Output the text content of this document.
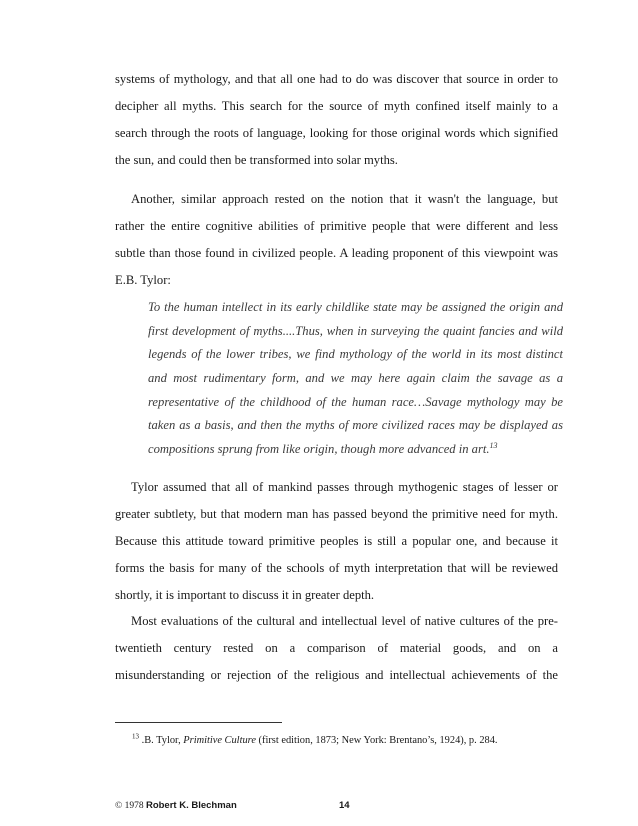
systems of mythology, and that all one had to do was discover that source in order to
decipher all myths. This search for the source of myth confined itself mainly to a
search through the roots of language, looking for those original words which signified
the sun, and could then be transformed into solar myths.
Another, similar approach rested on the notion that it wasn't the language, but
rather the entire cognitive abilities of primitive people that were different and less
subtle than those found in civilized people. A leading proponent of this viewpoint was
E.B. Tylor:
To the human intellect in its early childlike state may be assigned the origin and
first development of myths....Thus, when in surveying the quaint fancies and wild
legends of the lower tribes, we find mythology of the world in its most distinct
and most rudimentary form, and we may here again claim the savage as a
representative of the childhood of the human race…Savage mythology may be
taken as a basis, and then the myths of more civilized races may be displayed as
compositions sprung from like origin, though more advanced in art.$^{13}$
Tylor assumed that all of mankind passes through mythogenic stages of lesser or
greater subtlety, but that modern man has passed beyond the primitive need for myth.
Because this attitude toward primitive peoples is still a popular one, and because it
forms the basis for many of the schools of myth interpretation that will be reviewed
shortly, it is important to discuss it in greater depth.
Most evaluations of the cultural and intellectual level of native cultures of the pre-
twentieth century rested on a comparison of material goods, and on a
misunderstanding or rejection of the religious and intellectual achievements of the
$^{13}$ .B. Tylor, Primitive Culture (first edition, 1873; New York: Brentano’s, 1924), p. 284.
© 1978 Robert K. Blechman	14
